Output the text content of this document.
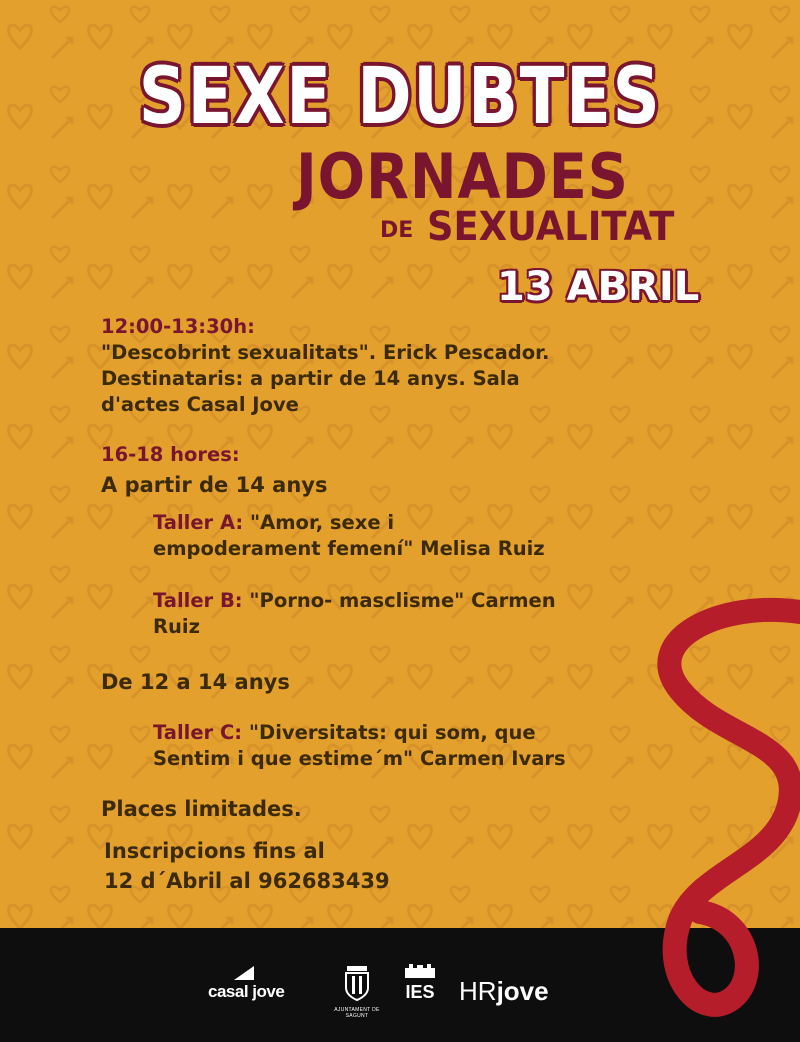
SEXE DUBTES
JORNADES
DE SEXUALITAT
13 ABRIL
12:00-13:30h:
"Descobrint sexualitats". Erick Pescador.
Destinataris: a partir de 14 anys. Sala
d'actes Casal Jove
16-18 hores:
A partir de 14 anys
Taller A: "Amor, sexe i
empoderament femení" Melisa Ruiz
Taller B: "Porno- masclisme" Carmen
Ruiz
De 12 a 14 anys
Taller C: "Diversitats: qui som, que
Sentim i que estime´m" Carmen Ivars
Places limitades.
Inscripcions fins al
12 d´Abril al 962683439
casal jove
AJUNTAMENT DE SAGUNT
IES HRjove
